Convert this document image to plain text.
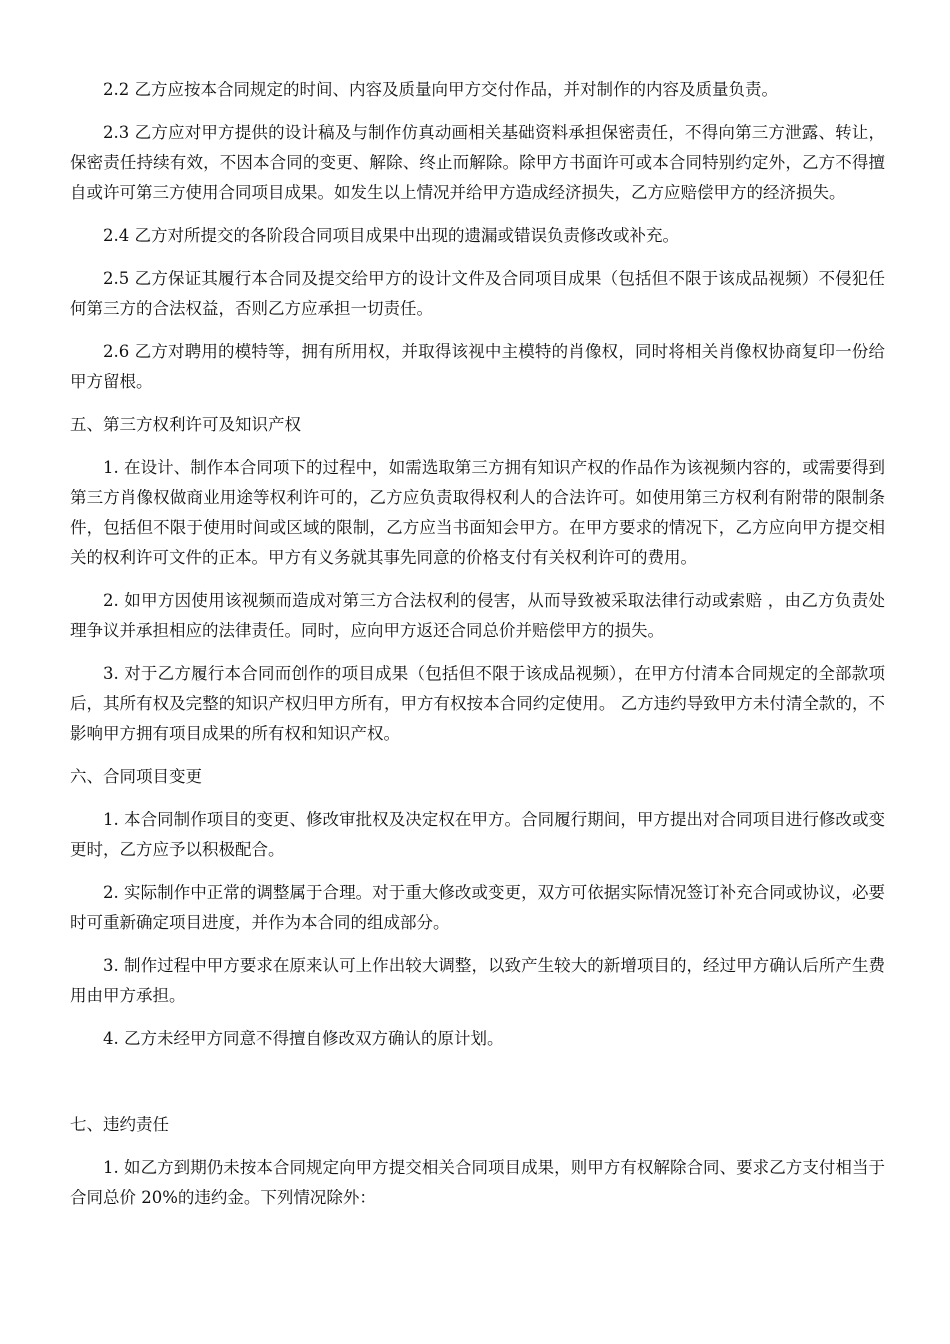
2.2 乙方应按本合同规定的时间、内容及质量向甲方交付作品，并对制作的内容及质量负责。

2.3 乙方应对甲方提供的设计稿及与制作仿真动画相关基础资料承担保密责任，不得向第三方泄露、转让，保密责任持续有效，不因本合同的变更、解除、终止而解除。除甲方书面许可或本合同特别约定外，乙方不得擅自或许可第三方使用合同项目成果。如发生以上情况并给甲方造成经济损失，乙方应赔偿甲方的经济损失。

2.4 乙方对所提交的各阶段合同项目成果中出现的遗漏或错误负责修改或补充。

2.5 乙方保证其履行本合同及提交给甲方的设计文件及合同项目成果（包括但不限于该成品视频）不侵犯任何第三方的合法权益，否则乙方应承担一切责任。

2.6 乙方对聘用的模特等，拥有所用权，并取得该视中主模特的肖像权，同时将相关肖像权协商复印一份给甲方留根。

五、第三方权利许可及知识产权

1. 在设计、制作本合同项下的过程中，如需选取第三方拥有知识产权的作品作为该视频内容的，或需要得到第三方肖像权做商业用途等权利许可的，乙方应负责取得权利人的合法许可。如使用第三方权利有附带的限制条件，包括但不限于使用时间或区域的限制，乙方应当书面知会甲方。在甲方要求的情况下，乙方应向甲方提交相关的权利许可文件的正本。甲方有义务就其事先同意的价格支付有关权利许可的费用。

2. 如甲方因使用该视频而造成对第三方合法权利的侵害，从而导致被采取法律行动或索赔 ，由乙方负责处理争议并承担相应的法律责任。同时，应向甲方返还合同总价并赔偿甲方的损失。

3. 对于乙方履行本合同而创作的项目成果（包括但不限于该成品视频），在甲方付清本合同规定的全部款项后，其所有权及完整的知识产权归甲方所有，甲方有权按本合同约定使用。 乙方违约导致甲方未付清全款的，不影响甲方拥有项目成果的所有权和知识产权。

六、合同项目变更

1. 本合同制作项目的变更、修改审批权及决定权在甲方。合同履行期间，甲方提出对合同项目进行修改或变更时，乙方应予以积极配合。

2. 实际制作中正常的调整属于合理。对于重大修改或变更，双方可依据实际情况签订补充合同或协议，必要时可重新确定项目进度，并作为本合同的组成部分。

3. 制作过程中甲方要求在原来认可上作出较大调整，以致产生较大的新增项目的，经过甲方确认后所产生费用由甲方承担。

4. 乙方未经甲方同意不得擅自修改双方确认的原计划。

七、违约责任

1. 如乙方到期仍未按本合同规定向甲方提交相关合同项目成果，则甲方有权解除合同、要求乙方支付相当于合同总价 20%的违约金。下列情况除外：
